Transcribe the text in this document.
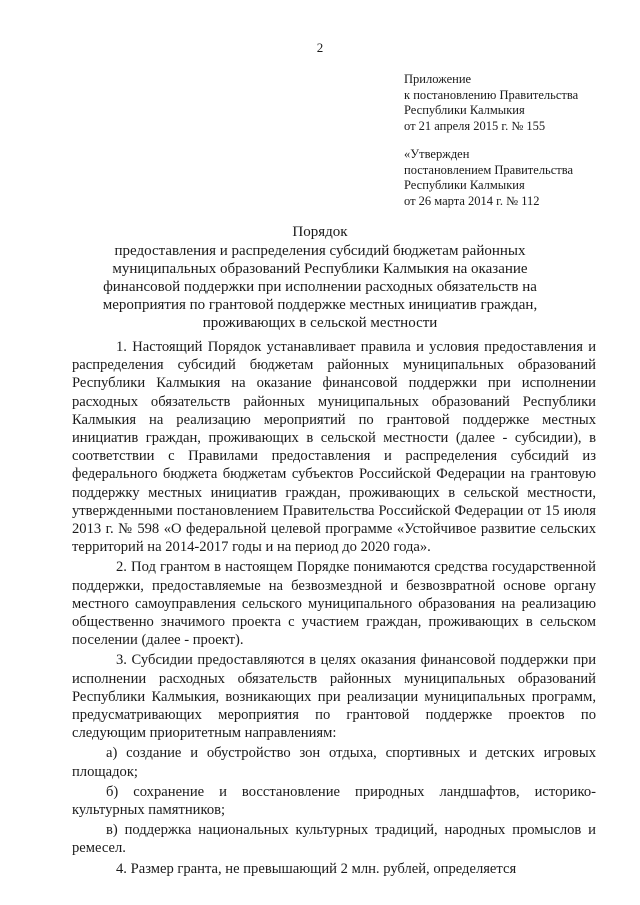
2
Приложение
к постановлению Правительства
Республики Калмыкия
от 21 апреля 2015 г. № 155
«Утвержден
постановлением Правительства
Республики Калмыкия
от 26 марта 2014 г. № 112
Порядок
предоставления и распределения субсидий бюджетам районных муниципальных образований Республики Калмыкия на оказание финансовой поддержки при исполнении расходных обязательств на мероприятия по грантовой поддержке местных инициатив граждан, проживающих в сельской местности

1. Настоящий Порядок устанавливает правила и условия предоставления и распределения субсидий бюджетам районных муниципальных образований Республики Калмыкия на оказание финансовой поддержки при исполнении расходных обязательств районных муниципальных образований Республики Калмыкия на реализацию мероприятий по грантовой поддержке местных инициатив граждан, проживающих в сельской местности (далее - субсидии), в соответствии с Правилами предоставления и распределения субсидий из федерального бюджета бюджетам субъектов Российской Федерации на грантовую поддержку местных инициатив граждан, проживающих в сельской местности, утвержденными постановлением Правительства Российской Федерации от 15 июля 2013 г. № 598 «О федеральной целевой программе «Устойчивое развитие сельских территорий на 2014-2017 годы и на период до 2020 года».

2. Под грантом в настоящем Порядке понимаются средства государственной поддержки, предоставляемые на безвозмездной и безвозвратной основе органу местного самоуправления сельского муниципального образования на реализацию общественно значимого проекта с участием граждан, проживающих в сельском поселении (далее - проект).

3. Субсидии предоставляются в целях оказания финансовой поддержки при исполнении расходных обязательств районных муниципальных образований Республики Калмыкия, возникающих при реализации муниципальных программ, предусматривающих мероприятия по грантовой поддержке проектов по следующим приоритетным направлениям:

а) создание и обустройство зон отдыха, спортивных и детских игровых площадок;

б) сохранение и восстановление природных ландшафтов, историко-культурных памятников;

в) поддержка национальных культурных традиций, народных промыслов и ремесел.

4. Размер гранта, не превышающий 2 млн. рублей, определяется
